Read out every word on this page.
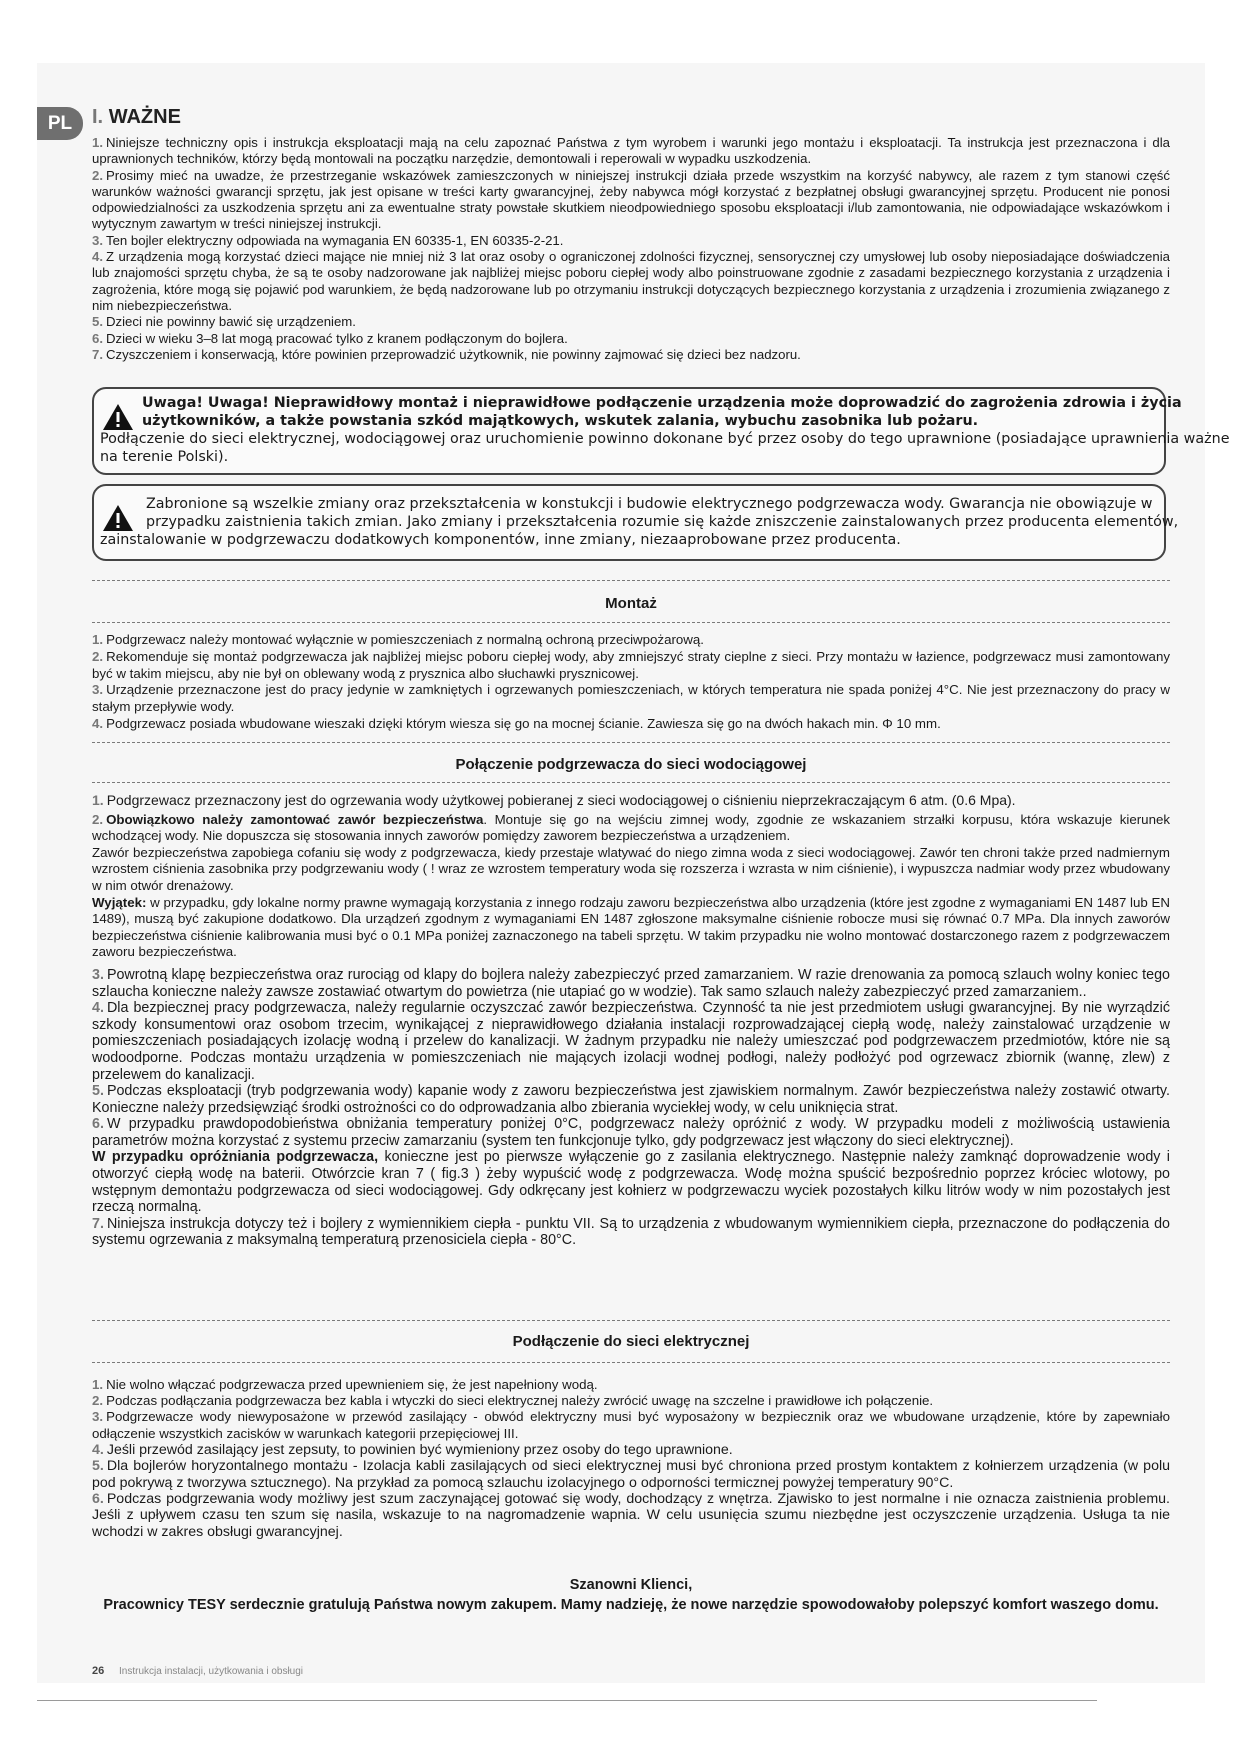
PL I. WAŻNE

1. Niniejsze techniczny opis i instrukcja eksploatacji mają na celu zapoznać Państwa z tym wyrobem i warunki jego montażu i eksploatacji. Ta instrukcja jest przeznaczona i dla uprawnionych techników, którzy będą montowali na początku narzędzie, demontowali i reperowali w wypadku uszkodzenia.

2. Prosimy mieć na uwadze, że przestrzeganie wskazówek zamieszczonych w niniejszej instrukcji działa przede wszystkim na korzyść nabywcy, ale razem z tym stanowi część warunków ważności gwarancji sprzętu, jak jest opisane w treści karty gwarancyjnej, żeby nabywca mógł korzystać z bezpłatnej obsługi gwarancyjnej sprzętu. Producent nie ponosi odpowiedzialności za uszkodzenia sprzętu ani za ewentualne straty powstałe skutkiem nieodpowiedniego sposobu eksploatacji i/lub zamontowania, nie odpowiadające wskazówkom i wytycznym zawartym w treści niniejszej instrukcji.

3. Ten bojler elektryczny odpowiada na wymagania EN 60335-1, EN 60335-2-21.

4. Z urządzenia mogą korzystać dzieci mające nie mniej niż 3 lat oraz osoby o ograniczonej zdolności fizycznej, sensorycznej czy umysłowej lub osoby nieposiadające doświadczenia lub znajomości sprzętu chyba, że są te osoby nadzorowane jak najbliżej miejsc poboru ciepłej wody albo poinstruowane zgodnie z zasadami bezpiecznego korzystania z urządzenia i zagrożenia, które mogą się pojawić pod warunkiem, że będą nadzorowane lub po otrzymaniu instrukcji dotyczących bezpiecznego korzystania z urządzenia i zrozumienia związanego z nim niebezpieczeństwa.

5. Dzieci nie powinny bawić się urządzeniem.

6. Dzieci w wieku 3–8 lat mogą pracować tylko z kranem podłączonym do bojlera.

7. Czyszczeniem i konserwacją, które powinien przeprowadzić użytkownik, nie powinny zajmować się dzieci bez nadzoru.

Uwaga! Uwaga! Nieprawidłowy montaż i nieprawidłowe podłączenie urządzenia może doprowadzić do zagrożenia zdrowia i życia
użytkowników, a także powstania szkód majątkowych, wskutek zalania, wybuchu zasobnika lub pożaru.
Podłączenie do sieci elektrycznej, wodociągowej oraz uruchomienie powinno dokonane być przez osoby do tego uprawnione (posiadające uprawnienia ważne
na terenie Polski).
Zabronione są wszelkie zmiany oraz przekształcenia w konstukcji i budowie elektrycznego podgrzewacza wody. Gwarancja nie obowiązuje w
przypadku zaistnienia takich zmian. Jako zmiany i przekształcenia rozumie się każde zniszczenie zainstalowanych przez producenta elementów,
zainstalowanie w podgrzewaczu dodatkowych komponentów, inne zmiany, niezaaprobowane przez producenta.
Montaż

1. Podgrzewacz należy montować wyłącznie w pomieszczeniach z normalną ochroną przeciwpożarową.

2. Rekomenduje się montaż podgrzewacza jak najbliżej miejsc poboru ciepłej wody, aby zmniejszyć straty cieplne z sieci. Przy montażu w łazience, podgrzewacz musi zamontowany być w takim miejscu, aby nie był on oblewany wodą z prysznica albo słuchawki prysznicowej.

3. Urządzenie przeznaczone jest do pracy jedynie w zamkniętych i ogrzewanych pomieszczeniach, w których temperatura nie spada poniżej 4°C. Nie jest przeznaczony do pracy w stałym przepływie wody.

4. Podgrzewacz posiada wbudowane wieszaki dzięki którym wiesza się go na mocnej ścianie. Zawiesza się go na dwóch hakach min. Φ 10 mm.

Połączenie podgrzewacza do sieci wodociągowej

1. Podgrzewacz przeznaczony jest do ogrzewania wody użytkowej pobieranej z sieci wodociągowej o ciśnieniu nieprzekraczającym 6 atm. (0.6 Mpa).

2. Obowiązkowo należy zamontować zawór bezpieczeństwa. Montuje się go na wejściu zimnej wody, zgodnie ze wskazaniem strzałki korpusu, która wskazuje kierunek wchodzącej wody. Nie dopuszcza się stosowania innych zaworów pomiędzy zaworem bezpieczeństwa a urządzeniem.

Zawór bezpieczeństwa zapobiega cofaniu się wody z podgrzewacza, kiedy przestaje wlatywać do niego zimna woda z sieci wodociągowej. Zawór ten chroni także przed nadmiernym wzrostem ciśnienia zasobnika przy podgrzewaniu wody ( ! wraz ze wzrostem temperatury woda się rozszerza i wzrasta w nim ciśnienie), i wypuszcza nadmiar wody przez wbudowany w nim otwór drenażowy.

Wyjątek: w przypadku, gdy lokalne normy prawne wymagają korzystania z innego rodzaju zaworu bezpieczeństwa albo urządzenia (które jest zgodne z wymaganiami EN 1487 lub EN 1489), muszą być zakupione dodatkowo. Dla urządzeń zgodnym z wymaganiami EN 1487 zgłoszone maksymalne ciśnienie robocze musi się równać 0.7 MPa. Dla innych zaworów bezpieczeństwa ciśnienie kalibrowania musi być o 0.1 MPa poniżej zaznaczonego na tabeli sprzętu. W takim przypadku nie wolno montować dostarczonego razem z podgrzewaczem zaworu bezpieczeństwa.

3. Powrotną klapę bezpieczeństwa oraz rurociąg od klapy do bojlera należy zabezpieczyć przed zamarzaniem. W razie drenowania za pomocą szlauch wolny koniec tego szlaucha konieczne należy zawsze zostawiać otwartym do powietrza (nie utapiać go w wodzie). Tak samo szlauch należy zabezpieczyć przed zamarzaniem..

4. Dla bezpiecznej pracy podgrzewacza, należy regularnie oczyszczać zawór bezpieczeństwa. Czynność ta nie jest przedmiotem usługi gwarancyjnej. By nie wyrządzić szkody konsumentowi oraz osobom trzecim, wynikającej z nieprawidłowego działania instalacji rozprowadzającej ciepłą wodę, należy zainstalować urządzenie w pomieszczeniach posiadających izolację wodną i przelew do kanalizacji. W żadnym przypadku nie należy umieszczać pod podgrzewaczem przedmiotów, które nie są wodoodporne. Podczas montażu urządzenia w pomieszczeniach nie mających izolacji wodnej podłogi, należy podłożyć pod ogrzewacz zbiornik (wannę, zlew) z przelewem do kanalizacji.

5. Podczas eksploatacji (tryb podgrzewania wody) kapanie wody z zaworu bezpieczeństwa jest zjawiskiem normalnym. Zawór bezpieczeństwa należy zostawić otwarty. Konieczne należy przedsięwziąć środki ostrożności co do odprowadzania albo zbierania wyciekłej wody, w celu uniknięcia strat.

6. W przypadku prawdopodobieństwa obniżania temperatury poniżej 0°C, podgrzewacz należy opróżnić z wody. W przypadku modeli z możliwością ustawienia parametrów można korzystać z systemu przeciw zamarzaniu (system ten funkcjonuje tylko, gdy podgrzewacz jest włączony do sieci elektrycznej).

W przypadku opróżniania podgrzewacza, konieczne jest po pierwsze wyłączenie go z zasilania elektrycznego. Następnie należy zamknąć doprowadzenie wody i otworzyć ciepłą wodę na baterii. Otwórzcie kran 7 ( fig.3 ) żeby wypuścić wodę z podgrzewacza. Wodę można spuścić bezpośrednio poprzez króciec wlotowy, po wstępnym demontażu podgrzewacza od sieci wodociągowej. Gdy odkręcany jest kołnierz w podgrzewaczu wyciek pozostałych kilku litrów wody w nim pozostałych jest rzeczą normalną.

7. Niniejsza instrukcja dotyczy też i bojlery z wymiennikiem ciepła - punktu VII. Są to urządzenia z wbudowanym wymiennikiem ciepła, przeznaczone do podłączenia do systemu ogrzewania z maksymalną temperaturą przenosiciela ciepła - 80°C.

Podłączenie do sieci elektrycznej

1. Nie wolno włączać podgrzewacza przed upewnieniem się, że jest napełniony wodą.

2. Podczas podłączania podgrzewacza bez kabla i wtyczki do sieci elektrycznej należy zwrócić uwagę na szczelne i prawidłowe ich połączenie.

3. Podgrzewacze wody niewyposażone w przewód zasilający - obwód elektryczny musi być wyposażony w bezpiecznik oraz we wbudowane urządzenie, które by zapewniało odłączenie wszystkich zacisków w warunkach kategorii przepięciowej III.

4. Jeśli przewód zasilający jest zepsuty, to powinien być wymieniony przez osoby do tego uprawnione.

5. Dla bojlerów horyzontalnego montażu - Izolacja kabli zasilających od sieci elektrycznej musi być chroniona przed prostym kontaktem z kołnierzem urządzenia (w polu pod pokrywą z tworzywa sztucznego). Na przykład za pomocą szlauchu izolacyjnego o odporności termicznej powyżej temperatury 90°C.

6. Podczas podgrzewania wody możliwy jest szum zaczynającej gotować się wody, dochodzący z wnętrza. Zjawisko to jest normalne i nie oznacza zaistnienia problemu. Jeśli z upływem czasu ten szum się nasila, wskazuje to na nagromadzenie wapnia. W celu usunięcia szumu niezbędne jest oczyszczenie urządzenia. Usługa ta nie wchodzi w zakres obsługi gwarancyjnej.

Szanowni Klienci,
Pracownicy TESY serdecznie gratulują Państwa nowym zakupem. Mamy nadzieję, że nowe narzędzie spowodowałoby polepszyć komfort waszego domu.
26 Instrukcja instalacji, użytkowania i obsługi
